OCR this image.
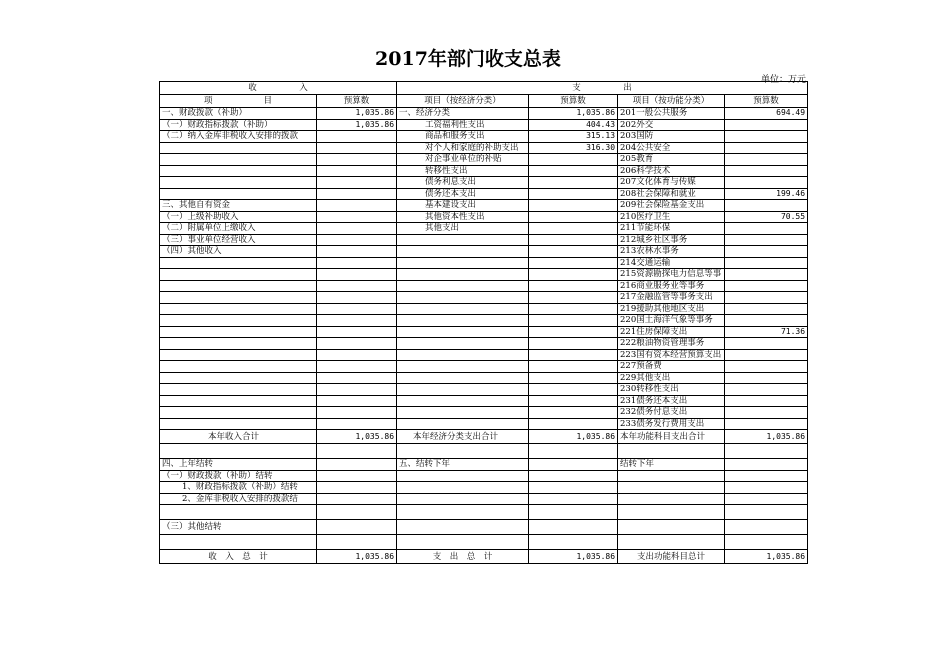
2017年部门收支总表
单位：万元
收　　　　　入		支　　　　　出			
项　　　　　　目	预算数	项目（按经济分类）	预算数	项目（按功能分类）	预算数
一、财政拨款（补助）	1,035.86	一、经济分类	1,035.86	201一般公共服务	694.49
（一）财政指标拨款（补助）	1,035.86	工资福利性支出	404.43	202外交	
（二）纳入金库非税收入安排的拨款		商品和服务支出	315.13	203国防	
		对个人和家庭的补助支出	316.30	204公共安全	
		对企事业单位的补贴		205教育	
		转移性支出		206科学技术	
		债务利息支出		207文化体育与传媒	
		债务还本支出		208社会保障和就业	199.46
三、其他自有资金		基本建设支出		209社会保险基金支出	
（一）上级补助收入		其他资本性支出		210医疗卫生	70.55
（二）附属单位上缴收入		其他支出		211节能环保	
（三）事业单位经营收入				212城乡社区事务	
（四）其他收入				213农林水事务	
				214交通运输	
				215资源勘探电力信息等事	
				216商业服务业等事务	
				217金融监管等事务支出	
				219援助其他地区支出	
				220国土海洋气象等事务	
				221住房保障支出	71.36
				222粮油物资管理事务	
				223国有资本经营预算支出	
				227预备费	
				229其他支出	
				230转移性支出	
				231债务还本支出	
				232债务付息支出	
				233债务发行费用支出	
本年收入合计	1,035.86	本年经济分类支出合计	1,035.86	本年功能科目支出合计	1,035.86

四、上年结转		五、结转下年		结转下年	
（一）财政拨款（补助）结转					
1、财政指标拨款（补助）结转					
2、金库非税收入安排的拨款结					

（三）其他结转					

收　入　总　计	1,035.86	支　出　总　计	1,035.86	支出功能科目总计	1,035.86
